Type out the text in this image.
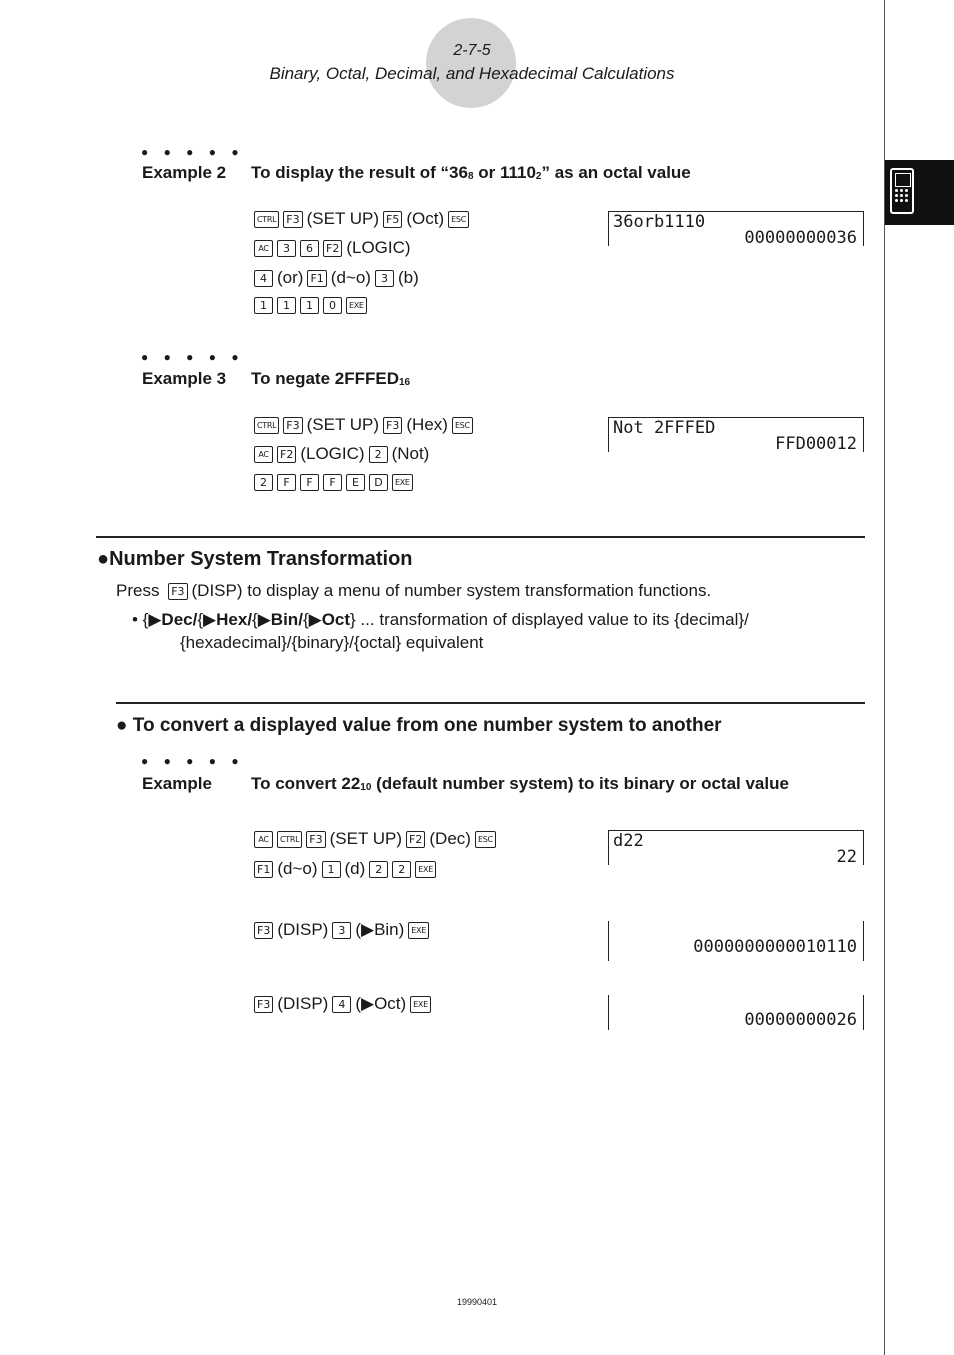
2-7-5
Binary, Octal, Decimal, and Hexadecimal Calculations
● ● ● ● ●
Example 2 To display the result of “$36_8$ or $1110_2$” as an octal value
CTRL F3 (SET UP) F5 (Oct) ESC
AC	3	6	F2 (LOGIC)
4 (or) F1 (d~o) 3 (b)
1	1	1	0	EXE
36orb1110
00000000036
● ● ● ● ●
Example 3 To negate $2FFFED_{16}$
CTRL F3 (SET UP) F3 (Hex) ESC
AC	F2 (LOGIC) 2 (Not)
2	F	F	F	E	D	EXE
Not 2FFFED
FFD00012
●Number System Transformation
Press F3 (DISP) to display a menu of number system transformation functions.
• {▶Dec/{▶Hex/{▶Bin/{▶Oct} ... transformation of displayed value to its {decimal}/
{hexadecimal}/{binary}/{octal} equivalent
● To convert a displayed value from one number system to another
● ● ● ● ●
Example To convert $22_{10}$ (default number system) to its binary or octal value
AC	CTRL F3 (SET UP) F2 (Dec) ESC
F1 (d~o) 1 (d) 2	2	EXE
F3 (DISP) 3 (▶Bin) EXE
F3 (DISP) 4 (▶Oct) EXE
d22
22
0000000000010110
00000000026
19990401
